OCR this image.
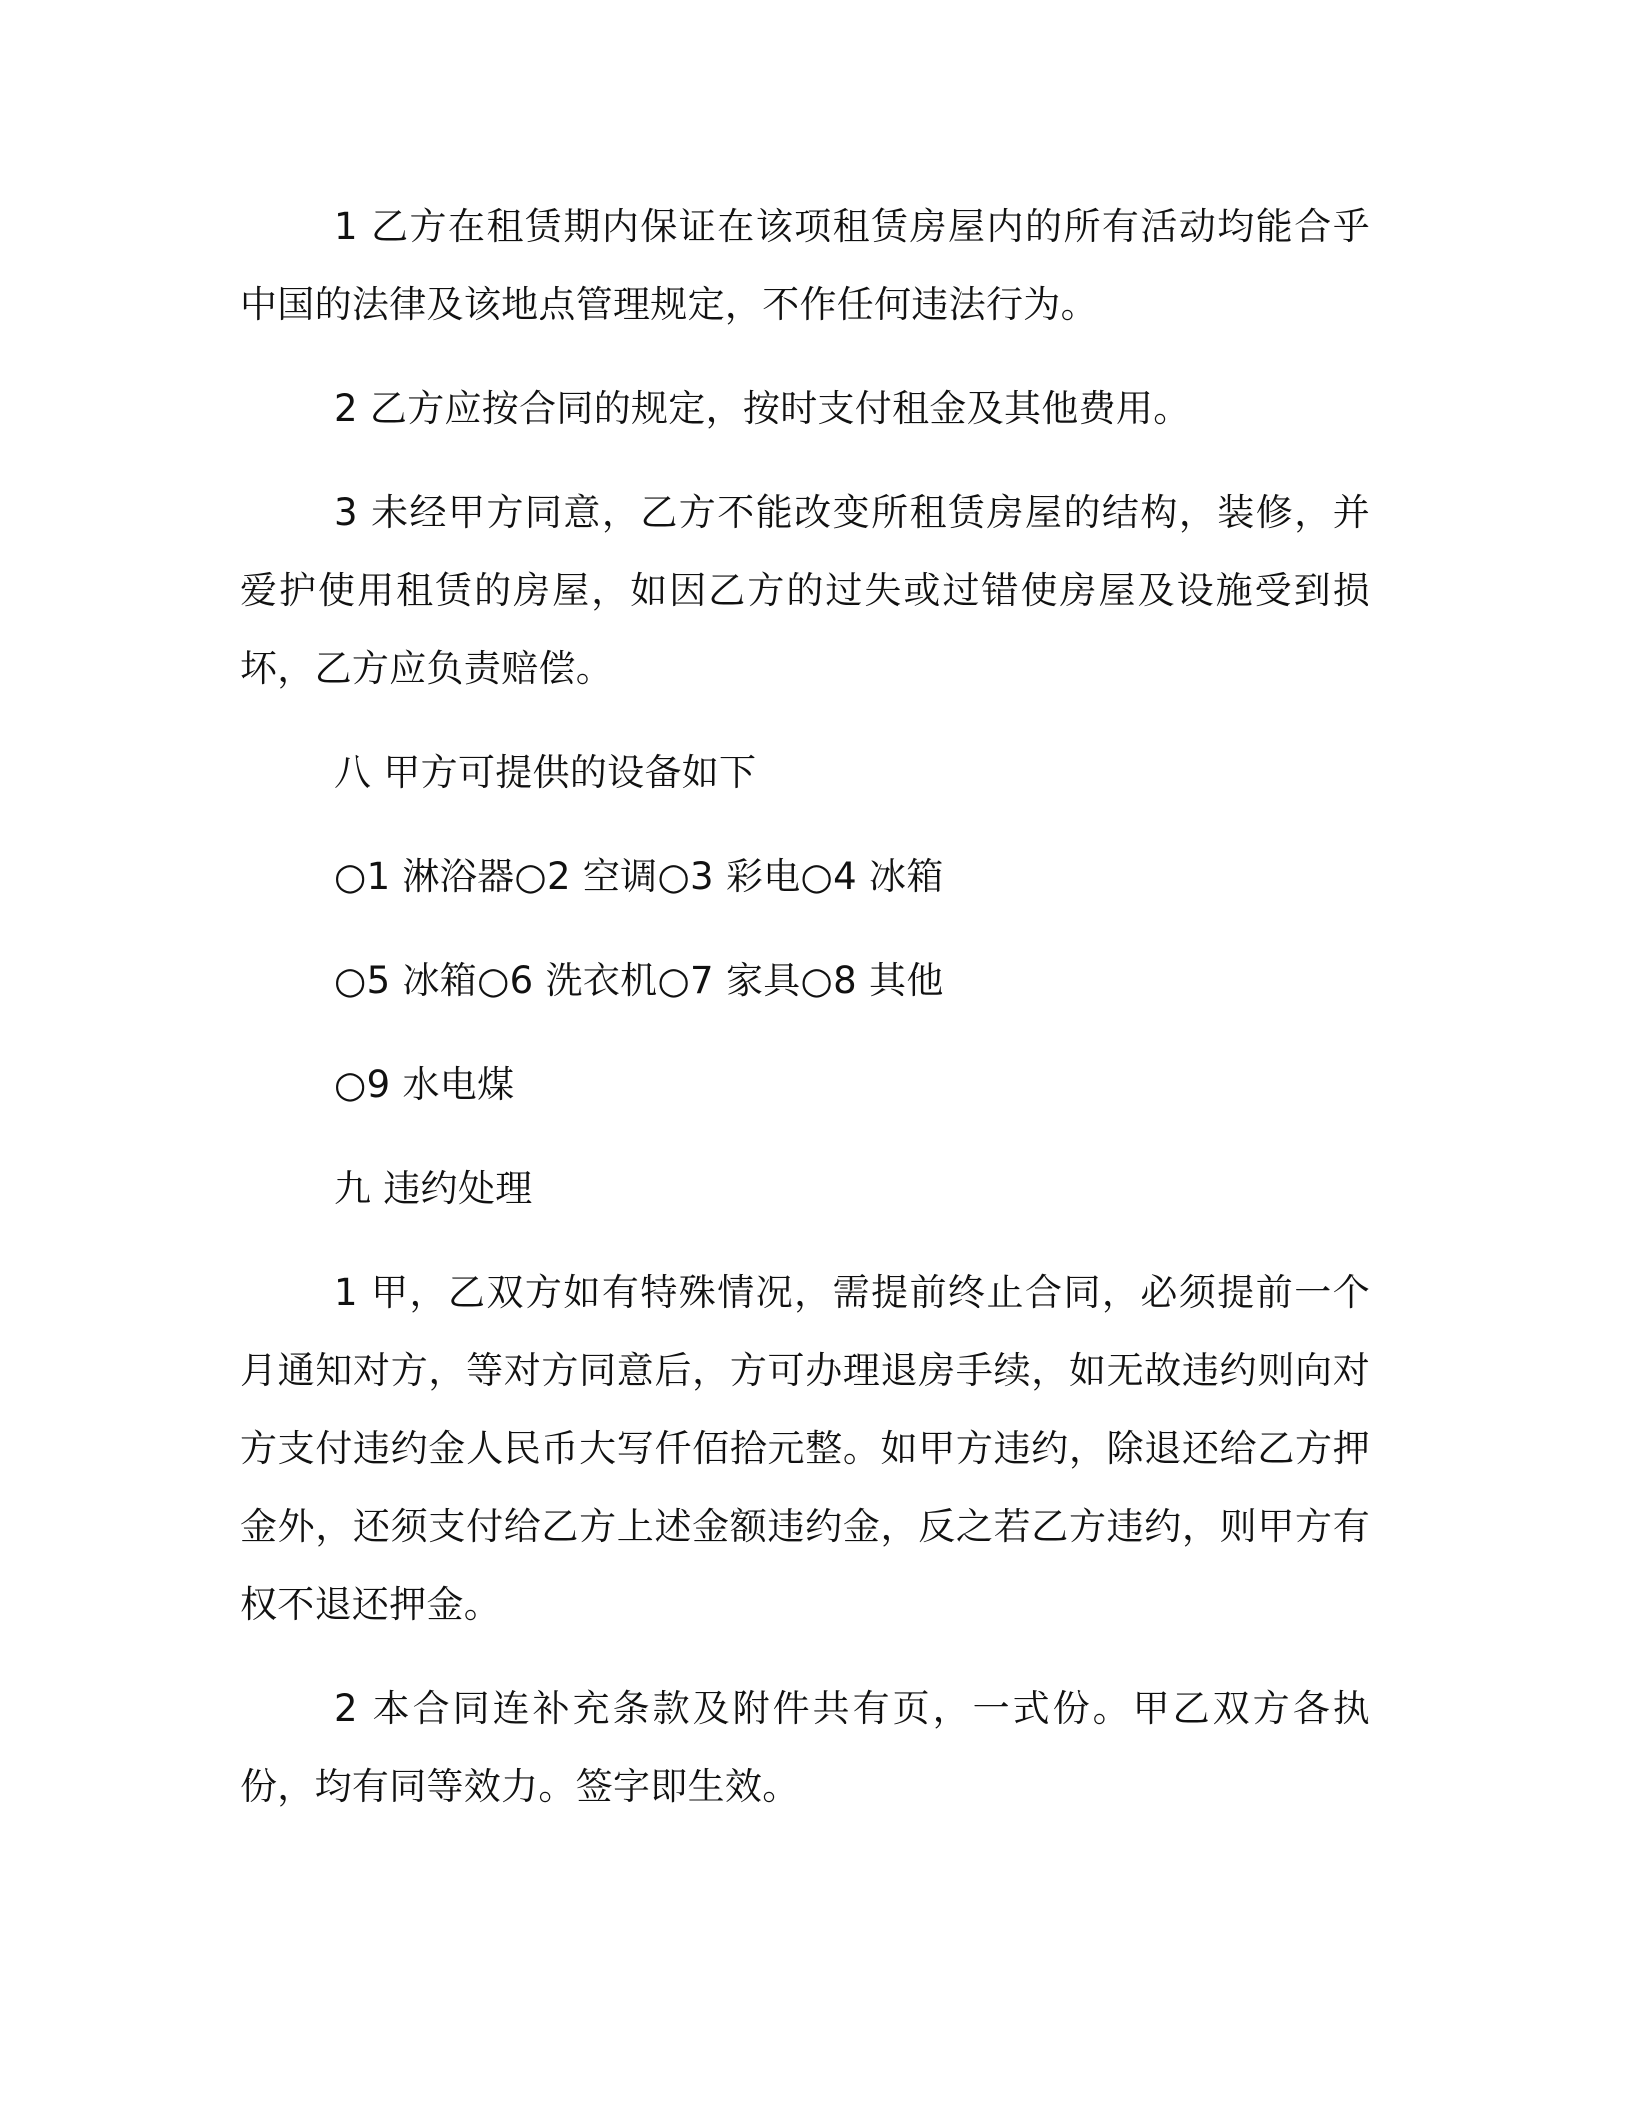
1 乙方在租赁期内保证在该项租赁房屋内的所有活动均能合乎中国的法律及该地点管理规定，不作任何违法行为。

2 乙方应按合同的规定，按时支付租金及其他费用。

3 未经甲方同意，乙方不能改变所租赁房屋的结构，装修，并爱护使用租赁的房屋，如因乙方的过失或过错使房屋及设施受到损坏，乙方应负责赔偿。

八 甲方可提供的设备如下

○1 淋浴器○2 空调○3 彩电○4 冰箱

○5 冰箱○6 洗衣机○7 家具○8 其他

○9 水电煤

九 违约处理

1 甲，乙双方如有特殊情况，需提前终止合同，必须提前一个月通知对方，等对方同意后，方可办理退房手续，如无故违约则向对方支付违约金人民币大写仟佰拾元整。如甲方违约，除退还给乙方押金外，还须支付给乙方上述金额违约金，反之若乙方违约，则甲方有权不退还押金。

2 本合同连补充条款及附件共有页，一式份。甲乙双方各执份，均有同等效力。签字即生效。
